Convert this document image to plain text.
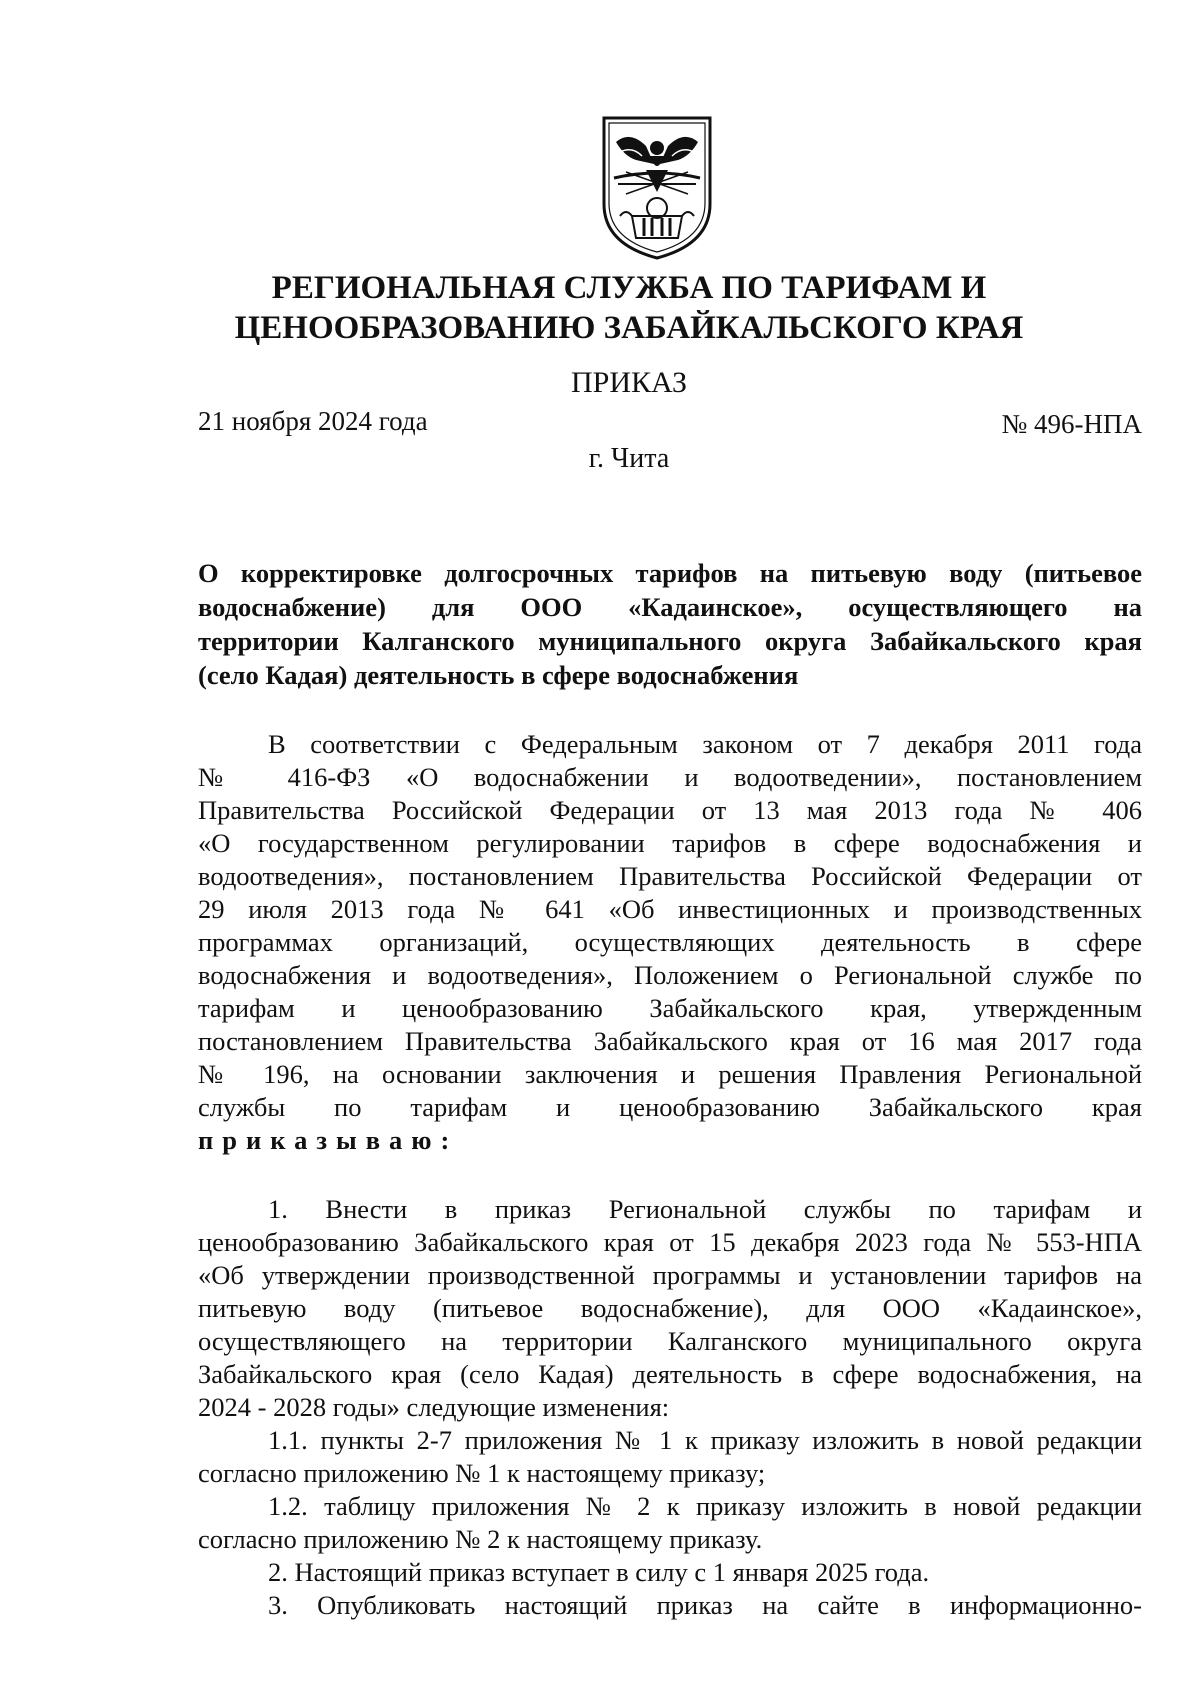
РЕГИОНАЛЬНАЯ СЛУЖБА ПО ТАРИФАМ И
ЦЕНООБРАЗОВАНИЮ ЗАБАЙКАЛЬСКОГО КРАЯ
ПРИКАЗ
21 ноября 2024 года	№ 496-НПА
г. Чита
О корректировке долгосрочных тарифов на питьевую воду (питьевое
водоснабжение) для ООО «Кадаинское», осуществляющего на
территории Калганского муниципального округа Забайкальского края
(село Кадая) деятельность в сфере водоснабжения
В соответствии с Федеральным законом от 7 декабря 2011 года
№ 416-ФЗ «О водоснабжении и водоотведении», постановлением
Правительства Российской Федерации от 13 мая 2013 года № 406
«О государственном регулировании тарифов в сфере водоснабжения и
водоотведения», постановлением Правительства Российской Федерации от
29 июля 2013 года № 641 «Об инвестиционных и производственных
программах организаций, осуществляющих деятельность в сфере
водоснабжения и водоотведения», Положением о Региональной службе по
тарифам и ценообразованию Забайкальского края, утвержденным
постановлением Правительства Забайкальского края от 16 мая 2017 года
№ 196, на основании заключения и решения Правления Региональной
службы по тарифам и ценообразованию Забайкальского края
приказываю:
1. Внести в приказ Региональной службы по тарифам и
ценообразованию Забайкальского края от 15 декабря 2023 года № 553-НПА
«Об утверждении производственной программы и установлении тарифов на
питьевую воду (питьевое водоснабжение), для ООО «Кадаинское»,
осуществляющего на территории Калганского муниципального округа
Забайкальского края (село Кадая) деятельность в сфере водоснабжения, на
2024 - 2028 годы» следующие изменения:
1.1. пункты 2-7 приложения № 1 к приказу изложить в новой редакции
согласно приложению № 1 к настоящему приказу;
1.2. таблицу приложения № 2 к приказу изложить в новой редакции
согласно приложению № 2 к настоящему приказу.
2. Настоящий приказ вступает в силу с 1 января 2025 года.
3. Опубликовать настоящий приказ на сайте в информационно-
